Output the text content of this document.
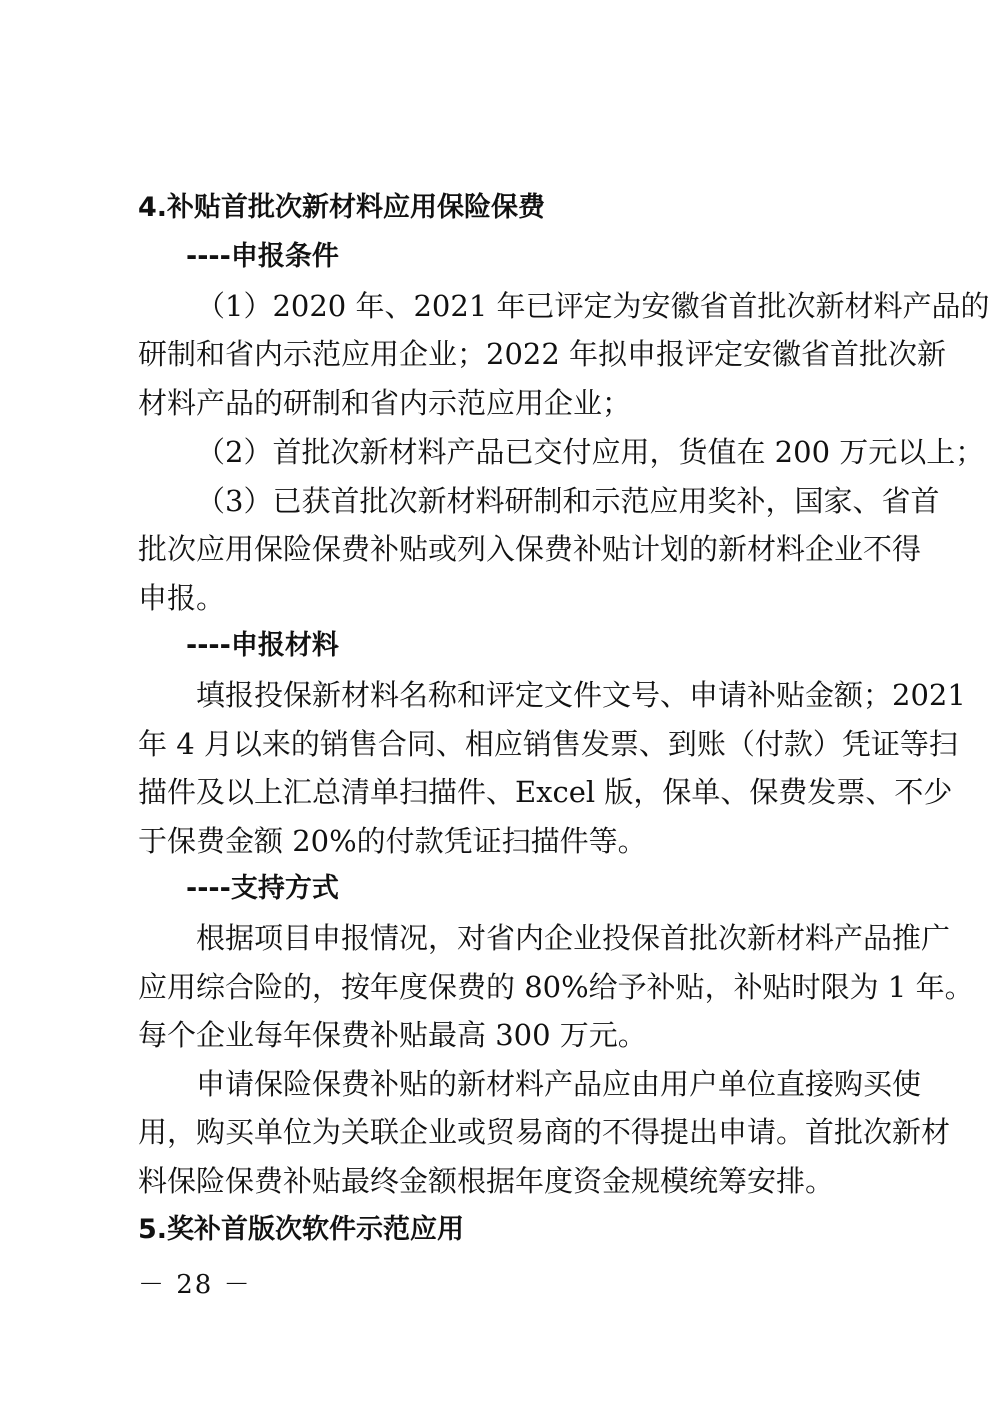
4.补贴首批次新材料应用保险保费
----申报条件
（1）2020 年、2021 年已评定为安徽省首批次新材料产品的
研制和省内示范应用企业；2022 年拟申报评定安徽省首批次新
材料产品的研制和省内示范应用企业；
（2）首批次新材料产品已交付应用，货值在 200 万元以上；
（3）已获首批次新材料研制和示范应用奖补，国家、省首
批次应用保险保费补贴或列入保费补贴计划的新材料企业不得
申报。
----申报材料
填报投保新材料名称和评定文件文号、申请补贴金额；2021
年 4 月以来的销售合同、相应销售发票、到账（付款）凭证等扫
描件及以上汇总清单扫描件、Excel 版，保单、保费发票、不少
于保费金额 20%的付款凭证扫描件等。
----支持方式
根据项目申报情况，对省内企业投保首批次新材料产品推广
应用综合险的，按年度保费的 80%给予补贴，补贴时限为 1 年。
每个企业每年保费补贴最高 300 万元。
申请保险保费补贴的新材料产品应由用户单位直接购买使
用，购买单位为关联企业或贸易商的不得提出申请。首批次新材
料保险保费补贴最终金额根据年度资金规模统筹安排。
5.奖补首版次软件示范应用
－ 28 －
